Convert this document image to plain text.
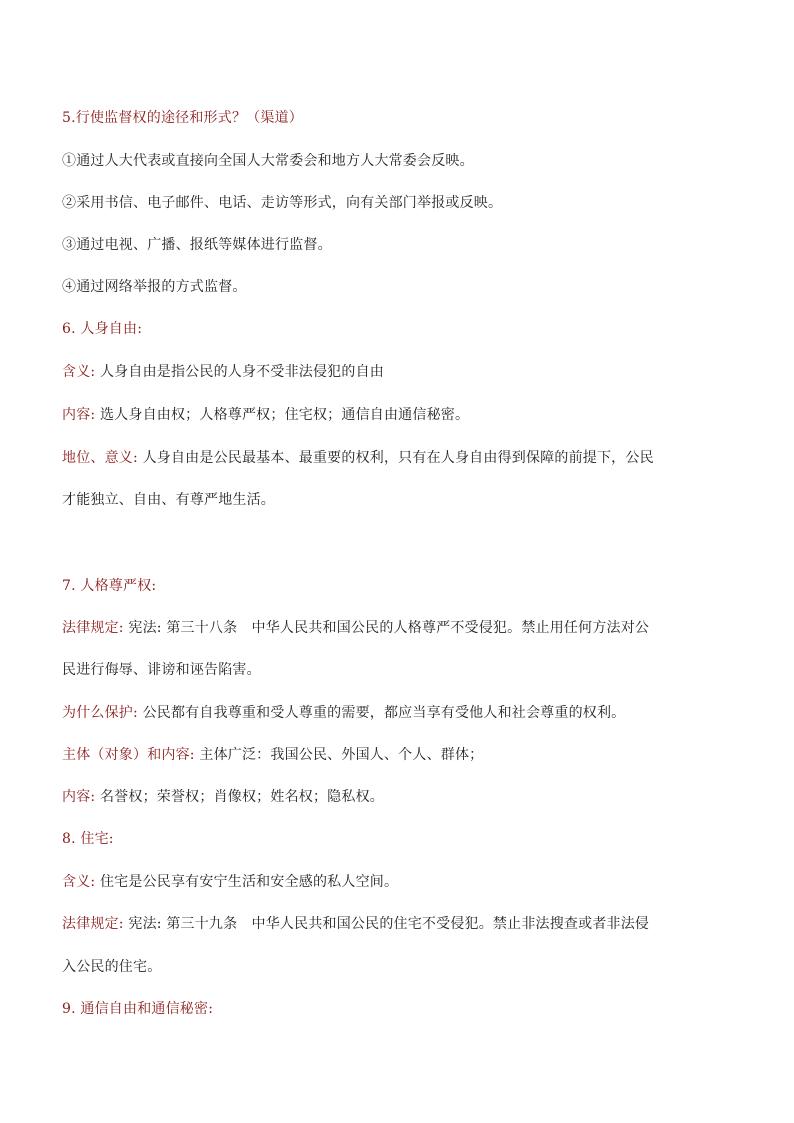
5.行使监督权的途径和形式？（渠道）
①通过人大代表或直接向全国人大常委会和地方人大常委会反映。
②采用书信、电子邮件、电话、走访等形式，向有关部门举报或反映。
③通过电视、广播、报纸等媒体进行监督。
④通过网络举报的方式监督。
6. 人身自由:
含义: 人身自由是指公民的人身不受非法侵犯的自由
内容: 选人身自由权；人格尊严权；住宅权；通信自由通信秘密。
地位、意义: 人身自由是公民最基本、最重要的权利，只有在人身自由得到保障的前提下，公民
才能独立、自由、有尊严地生活。
7. 人格尊严权:
法律规定: 宪法: 第三十八条　中华人民共和国公民的人格尊严不受侵犯。禁止用任何方法对公
民进行侮辱、诽谤和诬告陷害。
为什么保护: 公民都有自我尊重和受人尊重的需要，都应当享有受他人和社会尊重的权利。
主体（对象）和内容: 主体广泛：我国公民、外国人、个人、群体；
内容: 名誉权；荣誉权；肖像权；姓名权；隐私权。
8. 住宅:
含义: 住宅是公民享有安宁生活和安全感的私人空间。
法律规定: 宪法: 第三十九条　中华人民共和国公民的住宅不受侵犯。禁止非法搜查或者非法侵
入公民的住宅。
9. 通信自由和通信秘密:
